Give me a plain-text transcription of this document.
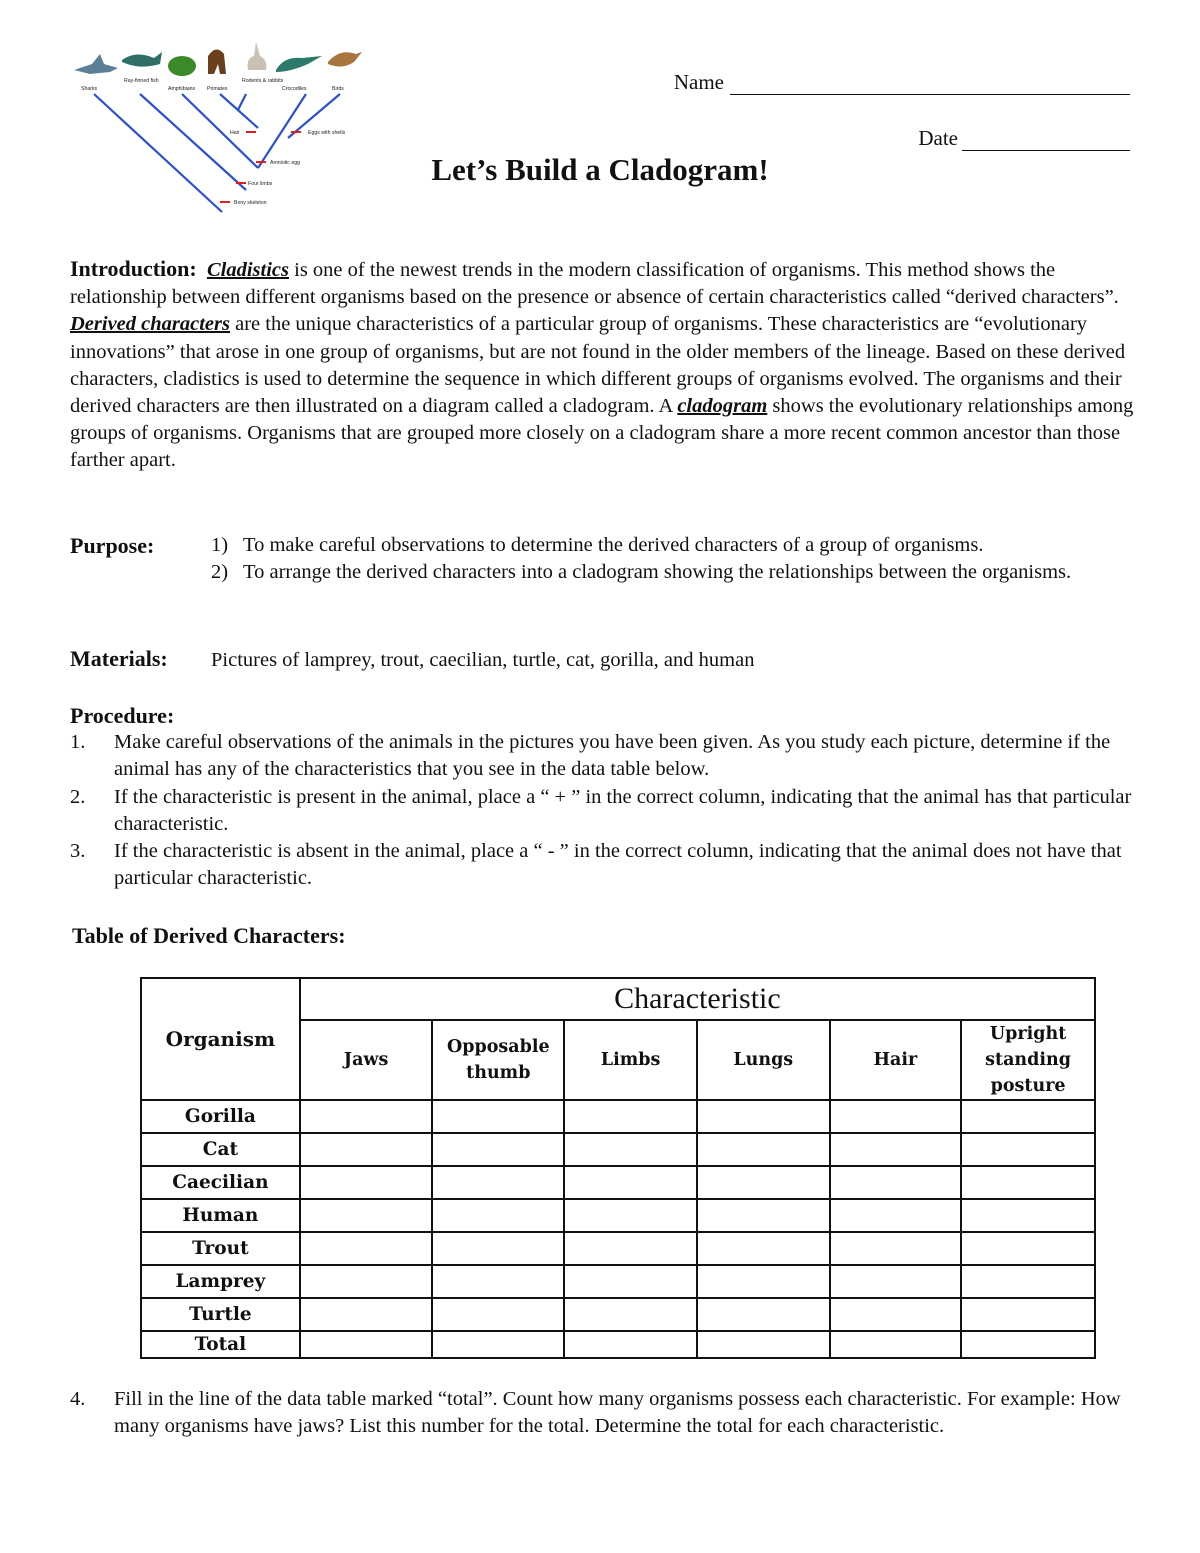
Sharks
Ray-finned fish
Amphibians Primates
Rodents & rabbits
Crocodiles	Birds
Hair	Eggs with shells
Amniotic egg
Four limbs
Bony skeleton
Name
Date
Let’s Build a Cladogram!
Introduction: Cladistics is one of the newest trends in the modern classification of organisms. This method shows the relationship between different organisms based on the presence or absence of certain characteristics called “derived characters”. Derived characters are the unique characteristics of a particular group of organisms. These characteristics are “evolutionary innovations” that arose in one group of organisms, but are not found in the older members of the lineage. Based on these derived characters, cladistics is used to determine the sequence in which different groups of organisms evolved. The organisms and their derived characters are then illustrated on a diagram called a cladogram. A cladogram shows the evolutionary relationships among groups of organisms. Organisms that are grouped more closely on a cladogram share a more recent common ancestor than those farther apart.
Purpose:	1) To make careful observations to determine the derived characters of a group of organisms.
2) To arrange the derived characters into a cladogram showing the relationships between the organisms.
Materials: Pictures of lamprey, trout, caecilian, turtle, cat, gorilla, and human
Procedure:
1.	Make careful observations of the animals in the pictures you have been given. As you study each picture, determine if the animal has any of the characteristics that you see in the data table below.
2.	If the characteristic is present in the animal, place a “ + ” in the correct column, indicating that the animal has that particular characteristic.
3.	If the characteristic is absent in the animal, place a “ - ” in the correct column, indicating that the animal does not have that particular characteristic.
Table of Derived Characters:
Organism	Characteristic					
	Jaws	Opposable thumb	Limbs	Lungs	Hair	Upright standing posture
Gorilla						
Cat						
Caecilian						
Human						
Trout						
Lamprey						
Turtle						
Total						
4.	Fill in the line of the data table marked “total”. Count how many organisms possess each characteristic. For example: How many organisms have jaws? List this number for the total. Determine the total for each characteristic.
